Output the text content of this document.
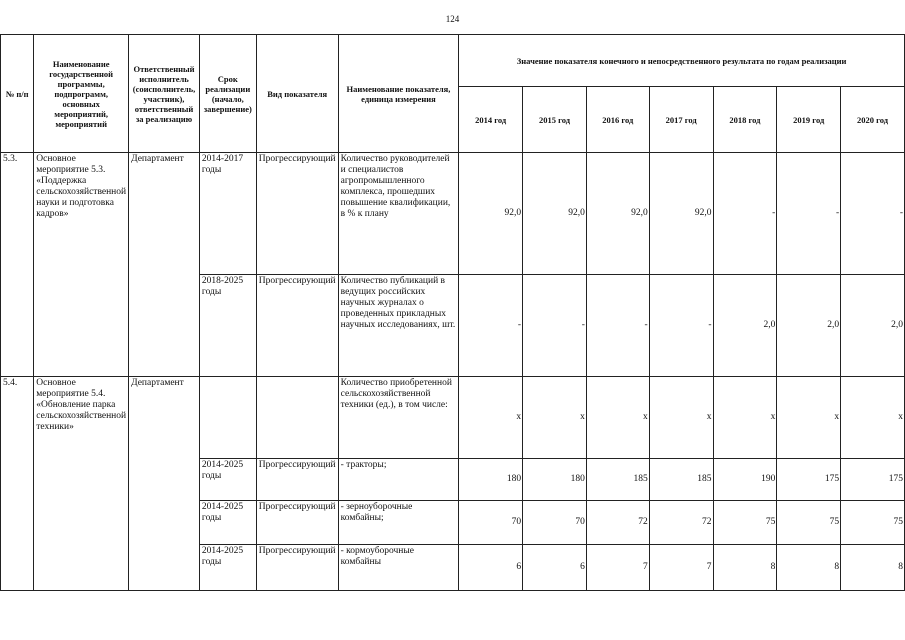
124
№ п/п	Наименование государственной программы, подпрограмм, основных мероприятий, мероприятий	Ответственный исполнитель (соисполнитель, участник), ответственный за реализацию	Срок реализации (начало, завершение)	Вид показателя	Наименование показателя, единица измерения	Значение показателя конечного и непосредственного результата по годам реализации						
						2014 год	2015 год	2016 год	2017 год	2018 год	2019 год	2020 год
5.3.	Основное мероприятие 5.3. «Поддержка сельскохозяйственной науки и подготовка кадров»	Департамент	2014-2017 годы	Прогрессирующий	Количество руководителей и специалистов агропромышленного комплекса, прошедших повышение квалификации, в % к плану	92,0	92,0	92,0	92,0	-	-	-
			2018-2025 годы	Прогрессирующий	Количество публикаций в ведущих российских научных журналах о проведенных прикладных научных исследованиях, шт.	-	-	-	-	2,0	2,0	2,0
5.4.	Основное мероприятие 5.4. «Обновление парка сельскохозяйственной техники»	Департамент			Количество приобретенной сельскохозяйственной техники (ед.), в том числе:	x	x	x	x	x	x	x
			2014-2025 годы	Прогрессирующий	- тракторы;	180	180	185	185	190	175	175
			2014-2025 годы	Прогрессирующий	- зерноуборочные комбайны;	70	70	72	72	75	75	75
			2014-2025 годы	Прогрессирующий	- кормоуборочные комбайны	6	6	7	7	8	8	8
